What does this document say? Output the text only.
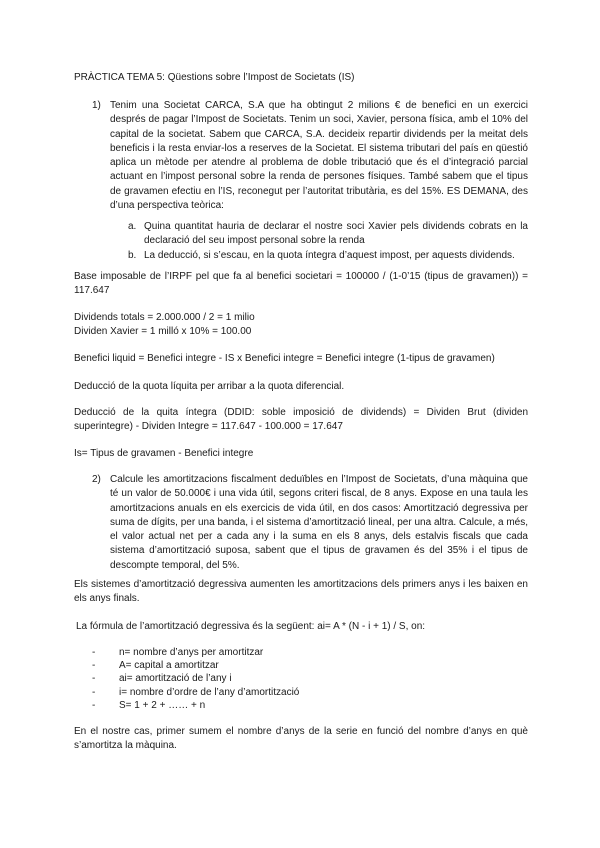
PRÀCTICA TEMA 5: Qüestions sobre l’Impost de Societats (IS)
1) Tenim una Societat CARCA, S.A que ha obtingut 2 milions € de benefici en un exercici després de pagar l’Impost de Societats. Tenim un soci, Xavier, persona física, amb el 10% del capital de la societat. Sabem que CARCA, S.A. decideix repartir dividends per la meitat dels beneficis i la resta enviar-los a reserves de la Societat. El sistema tributari del país en qüestió aplica un mètode per atendre al problema de doble tributació que és el d’integració parcial actuant en l’impost personal sobre la renda de persones físiques. També sabem que el tipus de gravamen efectiu en l’IS, reconegut per l’autoritat tributària, es del 15%. ES DEMANA, des d’una perspectiva teòrica:
a. Quina quantitat hauria de declarar el nostre soci Xavier pels dividends cobrats en la declaració del seu impost personal sobre la renda
b. La deducció, si s’escau, en la quota íntegra d’aquest impost, per aquests dividends.
Base imposable de l’IRPF pel que fa al benefici societari = 100000 / (1-0’15 (tipus de gravamen)) = 117.647
Dividends totals = 2.000.000 / 2 = 1 milio
Dividen Xavier = 1 milló x 10% = 100.00
Benefici liquid = Benefici integre - IS x Benefici integre = Benefici integre (1-tipus de gravamen)
Deducció de la quota líquita per arribar a la quota diferencial.
Deducció de la quita íntegra (DDID: soble imposició de dividends) = Dividen Brut (dividen superintegre) - Dividen Integre = 117.647 - 100.000 = 17.647
Is= Tipus de gravamen - Benefici integre
2) Calcule les amortitzacions fiscalment deduïbles en l’Impost de Societats, d’una màquina que té un valor de 50.000€ i una vida útil, segons criteri fiscal, de 8 anys. Expose en una taula les amortitzacions anuals en els exercicis de vida útil, en dos casos: Amortització degressiva per suma de dígits, per una banda, i el sistema d’amortització lineal, per una altra. Calcule, a més, el valor actual net per a cada any i la suma en els 8 anys, dels estalvis fiscals que cada sistema d’amortització suposa, sabent que el tipus de gravamen és del 35% i el tipus de descompte temporal, del 5%.
Els sistemes d’amortització degressiva aumenten les amortitzacions dels primers anys i les baixen en els anys finals.
La fórmula de l’amortització degressiva és la següent: ai= A * (N - i + 1) / S, on:
- n= nombre d’anys per amortitzar
- A= capital a amortitzar
- ai= amortització de l’any i
- i= nombre d’ordre de l’any d’amortització
- S= 1 + 2 + …… + n
En el nostre cas, primer sumem el nombre d’anys de la serie en funció del nombre d’anys en què s’amortitza la màquina.
